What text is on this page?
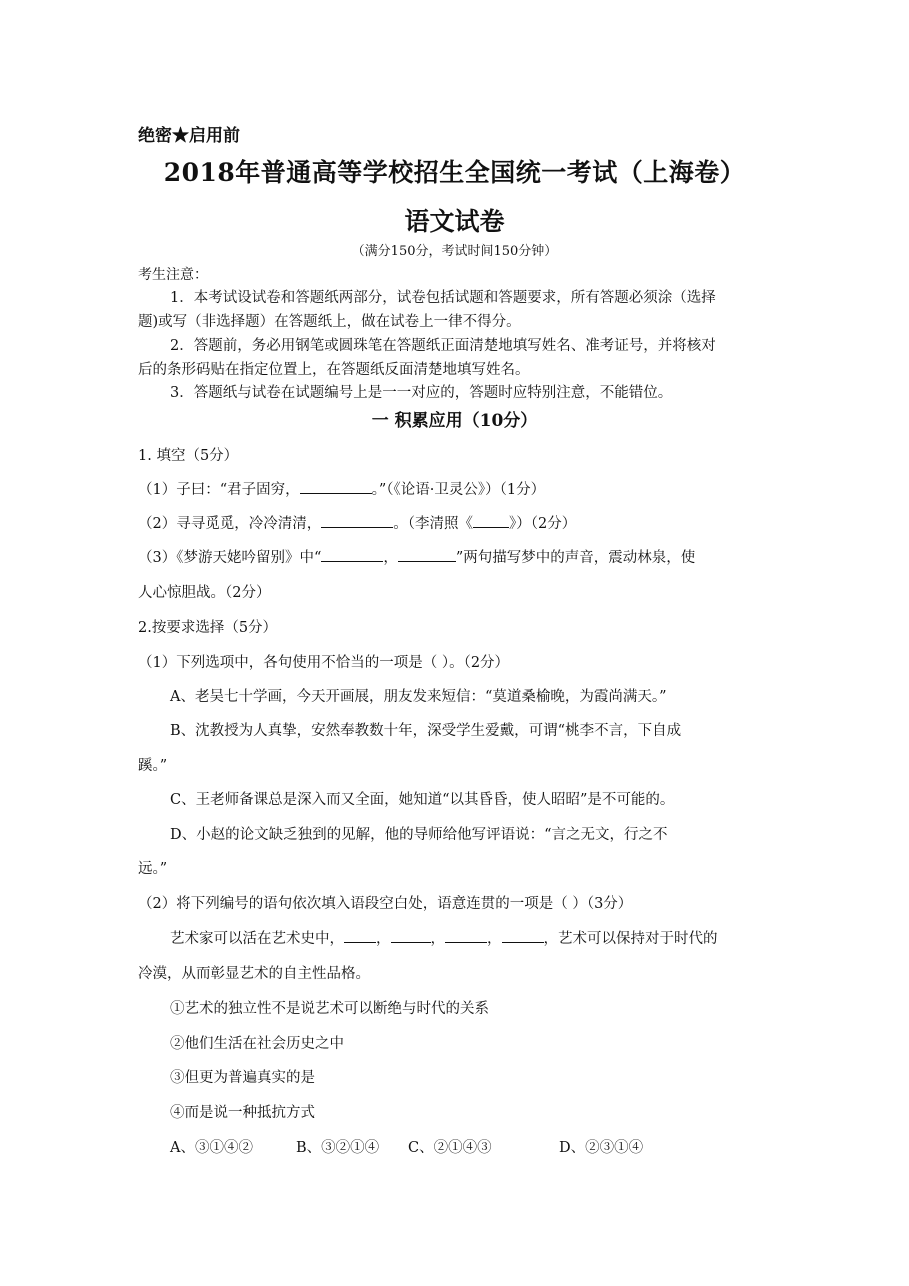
绝密★启用前
2018年普通高等学校招生全国统一考试（上海卷）
语文试卷
（满分150分，考试时间150分钟）
考生注意：
1．本考试设试卷和答题纸两部分，试卷包括试题和答题要求，所有答题必须涂（选择
题)或写（非选择题）在答题纸上，做在试卷上一律不得分。
2．答题前，务必用钢笔或圆珠笔在答题纸正面清楚地填写姓名、准考证号，并将核对
后的条形码贴在指定位置上，在答题纸反面清楚地填写姓名。
3．答题纸与试卷在试题编号上是一一对应的，答题时应特别注意，不能错位。
一 积累应用（10分）
1. 填空（5分）
（1）子曰：“君子固穷，	。”（《论语·卫灵公》）（1分）
（2）寻寻觅觅，冷冷清清，	。（李清照《 》）（2分）
（3）《梦游天姥吟留别》中“	，	”两句描写梦中的声音，震动林泉，使
人心惊胆战。（2分）
2.按要求选择（5分）
（1）下列选项中，各句使用不恰当的一项是（ ）。（2分）
A、老吴七十学画，今天开画展，朋友发来短信：“莫道桑榆晚，为霞尚满天。”
B、沈教授为人真挚，安然奉教数十年，深受学生爱戴，可谓“桃李不言，下自成
蹊。”
C、王老师备课总是深入而又全面，她知道“以其昏昏，使人昭昭”是不可能的。
D、小赵的论文缺乏独到的见解，他的导师给他写评语说：“言之无文，行之不
远。”
（2）将下列编号的语句依次填入语段空白处，语意连贯的一项是（ ）（3分）
艺术家可以活在艺术史中， ，	，	，	，艺术可以保持对于时代的
冷漠，从而彰显艺术的自主性品格。
①艺术的独立性不是说艺术可以断绝与时代的关系
②他们生活在社会历史之中
③但更为普遍真实的是
④而是说一种抵抗方式
A、③①④②	B、③②①④ C、②①④③	D、②③①④
